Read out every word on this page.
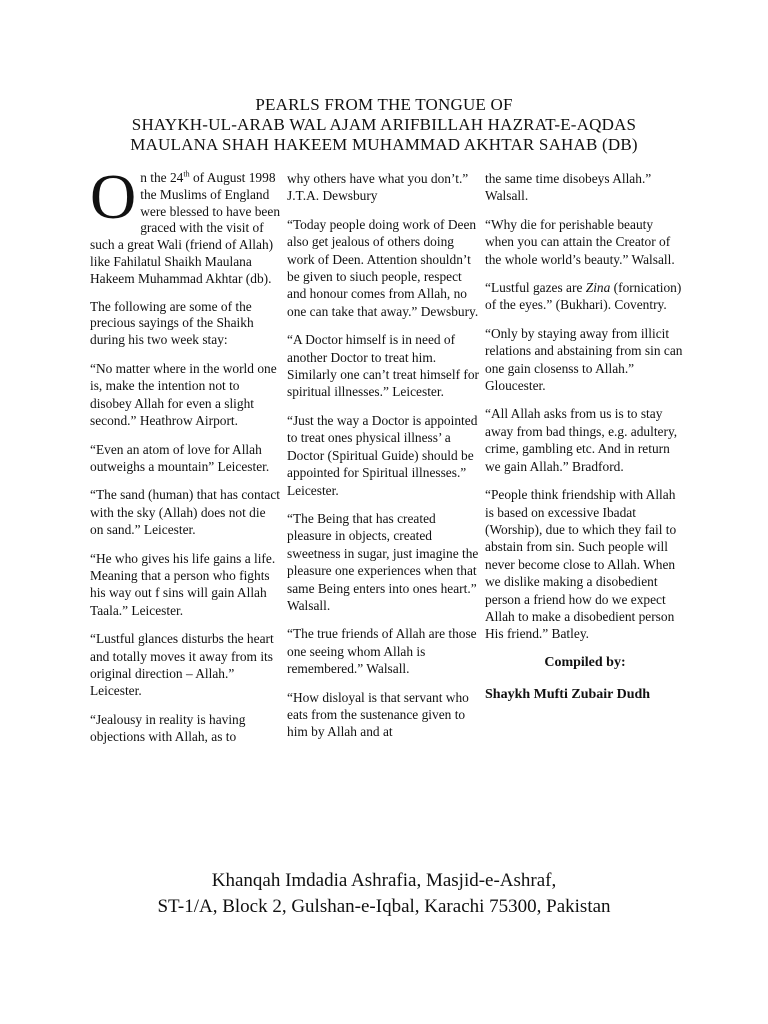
PEARLS FROM THE TONGUE OF
SHAYKH-UL-ARAB WAL AJAM ARIFBILLAH HAZRAT-E-AQDAS
MAULANA SHAH HAKEEM MUHAMMAD AKHTAR SAHAB (DB)

On the 24th of August 1998 the Muslims of England were blessed to have been graced with the visit of such a great Wali (friend of Allah) like Fahilatul Shaikh Maulana Hakeem Muhammad Akhtar (db).

The following are some of the precious sayings of the Shaikh during his two week stay:

“No matter where in the world one is, make the intention not to disobey Allah for even a slight second.” Heathrow Airport.

“Even an atom of love for Allah outweighs a mountain” Leicester.

“The sand (human) that has contact with the sky (Allah) does not die on sand.” Leicester.

“He who gives his life gains a life. Meaning that a person who fights his way out f sins will gain Allah Taala.” Leicester.

“Lustful glances disturbs the heart and totally moves it away from its original direction – Allah.” Leicester.

“Jealousy in reality is having objections with Allah, as to

why others have what you don’t.” J.T.A. Dewsbury

“Today people doing work of Deen also get jealous of others doing work of Deen. Attention shouldn’t be given to siuch people, respect and honour comes from Allah, no one can take that away.” Dewsbury.

“A Doctor himself is in need of another Doctor to treat him. Similarly one can’t treat himself for spiritual illnesses.” Leicester.

“Just the way a Doctor is appointed to treat ones physical illness’ a Doctor (Spiritual Guide) should be appointed for Spiritual illnesses.” Leicester.

“The Being that has created pleasure in objects, created sweetness in sugar, just imagine the pleasure one experiences when that same Being enters into ones heart.” Walsall.

“The true friends of Allah are those one seeing whom Allah is remembered.” Walsall.

“How disloyal is that servant who eats from the sustenance given to him by Allah and at

the same time disobeys Allah.” Walsall.

“Why die for perishable beauty when you can attain the Creator of the whole world’s beauty.” Walsall.

“Lustful gazes are Zina (fornication) of the eyes.” (Bukhari). Coventry.

“Only by staying away from illicit relations and abstaining from sin can one gain closenss to Allah.” Gloucester.

“All Allah asks from us is to stay away from bad things, e.g. adultery, crime, gambling etc. And in return we gain Allah.” Bradford.

“People think friendship with Allah is based on excessive Ibadat (Worship), due to which they fail to abstain from sin. Such people will never become close to Allah. When we dislike making a disobedient person a friend how do we expect Allah to make a disobedient person His friend.” Batley.

Compiled by:
Shaykh Mufti Zubair Dudh
Khanqah Imdadia Ashrafia, Masjid-e-Ashraf,
ST-1/A, Block 2, Gulshan-e-Iqbal, Karachi 75300, Pakistan
